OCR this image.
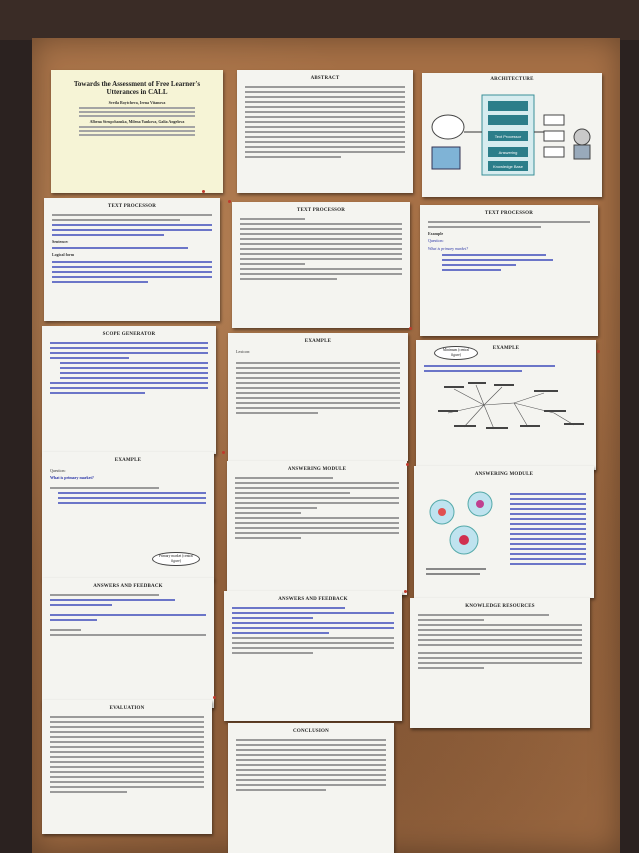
Towards the Assessment of Free Learner's Utterances in CALL
Svetla Boytcheva, Irena Vitanova
Albena Strupchanska, Milena Yankova, Galia Angelova
ABSTRACT	ARCHITECTURE
Text Processor
Answering
Knowledge Base
TEXT PROCESSOR
Sentence:
Logical form
TEXT PROCESSOR
TEXT PROCESSOR
Example
Question:
What is primary market?
SCOPE GENERATOR
EXAMPLE
Lexicon:
EXAMPLE
Minimum (central figure)
EXAMPLE
Question:
What is primary market?
Primary market (central figure)
ANSWERING MODULE
ANSWERING MODULE
ANSWERS AND FEEDBACK
ANSWERS AND FEEDBACK
KNOWLEDGE RESOURCES
EVALUATION
CONCLUSION
